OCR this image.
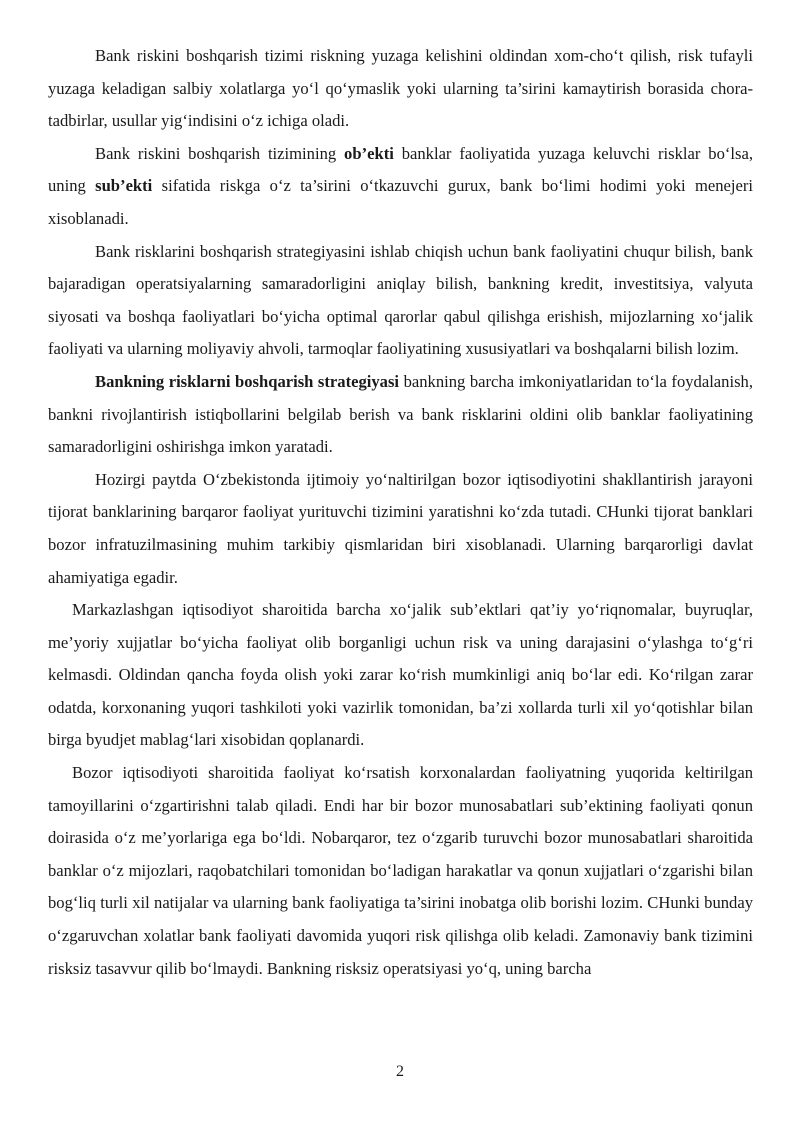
Bank riskini boshqarish tizimi riskning yuzaga kelishini oldindan xom-cho‘t qilish, risk tufayli yuzaga keladigan salbiy xolatlarga yo‘l qo‘ymaslik yoki ularning ta’sirini kamaytirish borasida chora-tadbirlar, usullar yig‘indisini o‘z ichiga oladi.

Bank riskini boshqarish tizimining ob’ekti banklar faoliyatida yuzaga keluvchi risklar bo‘lsa, uning sub’ekti sifatida riskga o‘z ta’sirini o‘tkazuvchi gurux, bank bo‘limi hodimi yoki menejeri xisoblanadi.

Bank risklarini boshqarish strategiyasini ishlab chiqish uchun bank faoliyatini chuqur bilish, bank bajaradigan operatsiyalarning samaradorligini aniqlay bilish, bankning kredit, investitsiya, valyuta siyosati va boshqa faoliyatlari bo‘yicha optimal qarorlar qabul qilishga erishish, mijozlarning xo‘jalik faoliyati va ularning moliyaviy ahvoli, tarmoqlar faoliyatining xususiyatlari va boshqalarni bilish lozim.

Bankning risklarni boshqarish strategiyasi bankning barcha imkoniyatlaridan to‘la foydalanish, bankni rivojlantirish istiqbollarini belgilab berish va bank risklarini oldini olib banklar faoliyatining samaradorligini oshirishga imkon yaratadi.

Hozirgi paytda O‘zbekistonda ijtimoiy yo‘naltirilgan bozor iqtisodiyotini shakllantirish jarayoni tijorat banklarining barqaror faoliyat yurituvchi tizimini yaratishni ko‘zda tutadi. CHunki tijorat banklari bozor infratuzilmasining muhim tarkibiy qismlaridan biri xisoblanadi. Ularning barqarorligi davlat ahamiyatiga egadir.

Markazlashgan iqtisodiyot sharoitida barcha xo‘jalik sub’ektlari qat’iy yo‘riqnomalar, buyruqlar, me’yoriy xujjatlar bo‘yicha faoliyat olib borganligi uchun risk va uning darajasini o‘ylashga to‘g‘ri kelmasdi. Oldindan qancha foyda olish yoki zarar ko‘rish mumkinligi aniq bo‘lar edi. Ko‘rilgan zarar odatda, korxonaning yuqori tashkiloti yoki vazirlik tomonidan, ba’zi xollarda turli xil yo‘qotishlar bilan birga byudjet mablag‘lari xisobidan qoplanardi.

Bozor iqtisodiyoti sharoitida faoliyat ko‘rsatish korxonalardan faoliyatning yuqorida keltirilgan tamoyillarini o‘zgartirishni talab qiladi. Endi har bir bozor munosabatlari sub’ektining faoliyati qonun doirasida o‘z me’yorlariga ega bo‘ldi. Nobarqaror, tez o‘zgarib turuvchi bozor munosabatlari sharoitida banklar o‘z mijozlari, raqobatchilari tomonidan bo‘ladigan harakatlar va qonun xujjatlari o‘zgarishi bilan bog‘liq turli xil natijalar va ularning bank faoliyatiga ta’sirini inobatga olib borishi lozim. CHunki bunday o‘zgaruvchan xolatlar bank faoliyati davomida yuqori risk qilishga olib keladi. Zamonaviy bank tizimini risksiz tasavvur qilib bo‘lmaydi. Bankning risksiz operatsiyasi yo‘q, uning barcha

2
